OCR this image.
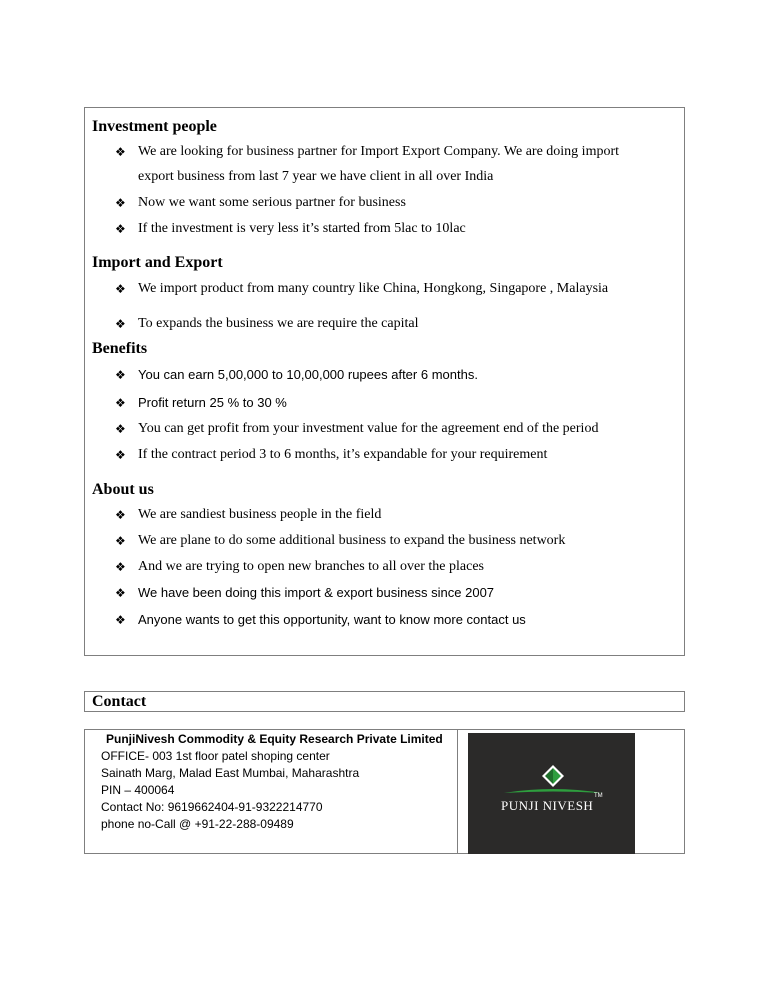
Investment people
❖ We are looking for business partner for Import Export Company. We are doing import
export business from last 7 year we have client in all over India
❖ Now we want some serious partner for business
❖ If the investment is very less it’s started from 5lac to 10lac
Import and Export
❖ We import product from many country like China, Hongkong, Singapore , Malaysia
❖ To expands the business we are require the capital
Benefits
❖ You can earn 5,00,000 to 10,00,000 rupees after 6 months.
❖ Profit return 25 % to 30 %
❖ You can get profit from your investment value for the agreement end of the period
❖ If the contract period 3 to 6 months, it’s expandable for your requirement
About us
❖ We are sandiest business people in the field
❖ We are plane to do some additional business to expand the business network
❖ And we are trying to open new branches to all over the places
❖ We have been doing this import & export business since 2007
❖ Anyone wants to get this opportunity, want to know more contact us
Contact
PunjiNivesh Commodity & Equity Research Private Limited
OFFICE- 003 1st floor patel shoping center
Sainath Marg, Malad East Mumbai, Maharashtra
PIN – 400064
Contact No: 9619662404-91-9322214770
phone no-Call @ +91-22-288-09489
PUNJI NIVESH
TM
